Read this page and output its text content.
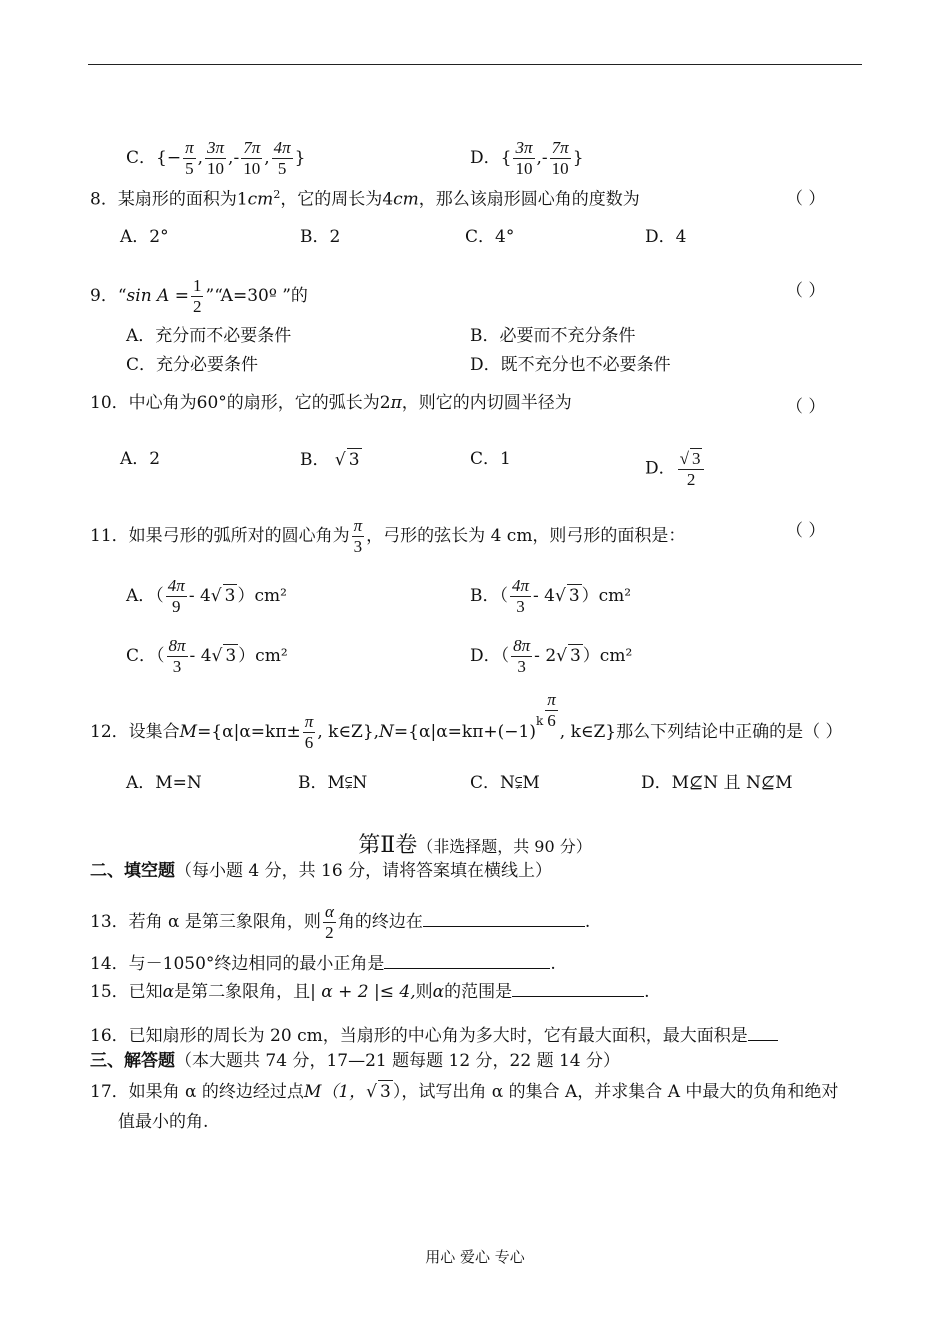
C．{− $\frac{\pi}{5}$ , $\frac{3\pi}{10}$ ,- $\frac{7\pi}{10}$ , $\frac{4\pi}{5}$ }	D．{ $\frac{3\pi}{10}$ ,- $\frac{7\pi}{10}$ }
8．某扇形的面积为$1cm^2$，它的周长为4cm，那么该扇形圆心角的度数为	（ ）
A．2°	B．2	C．4°	D．4
9．“sin $A = \frac{1}{2}$ ”“A=30º ”的	（ ）
A．充分而不必要条件	B．必要而不充分条件
C．充分必要条件	D．既不充分也不必要条件
10．中心角为60°的扇形，它的弧长为2π，则它的内切圆半径为	（ ）
A．2	B． √ 3	C．1	D． $\frac{√ 3}{2}$
11．如果弓形的弧所对的圆心角为 $\frac{\pi}{3}$ ，弓形的弦长为 4 cm，则弓形的面积是：	（ ）
A．（ $\frac{4\pi}{9} - 4√$ 3 ）cm²	B．（ $\frac{4\pi}{3} - 4√$ 3 ）cm²
C．（ $\frac{8\pi}{3} - 4√$ 3 ）cm²	D．（ $\frac{8\pi}{3} - 2√$ 3 ）cm²
12．设集合$M=\{\alpha|\alpha=k\pi\pm \frac{\pi}{6}$ , $k\in Z\},N=\{\alpha|\alpha=k\pi+(-1)^k \frac{\pi}{6}$
, k∈Z}那么下列结论中正确的是（ ）
A．M=N	B．M⫋N	C．N⫋M	D．M⊈N 且 N⊈M
第Ⅱ卷（非选择题，共 90 分）
二、填空题（每小题 4 分，共 16 分，请将答案填在横线上）
13．若角 α 是第三象限角，则 $\frac{\alpha}{2}$ 角的终边在	.
14．与－1050°终边相同的最小正角是	.
15．已知α是第二象限角，且| α + 2 |≤ 4,则α的范围是	.
16．已知扇形的周长为 20 cm，当扇形的中心角为多大时，它有最大面积，最大面积是
三、解答题（本大题共 74 分，17—21 题每题 12 分，22 题 14 分）
17．如果角 α 的终边经过点M（1，√ 3 ），试写出角 α 的集合 A，并求集合 A 中最大的负角和绝对
值最小的角.
用心 爱心 专心
